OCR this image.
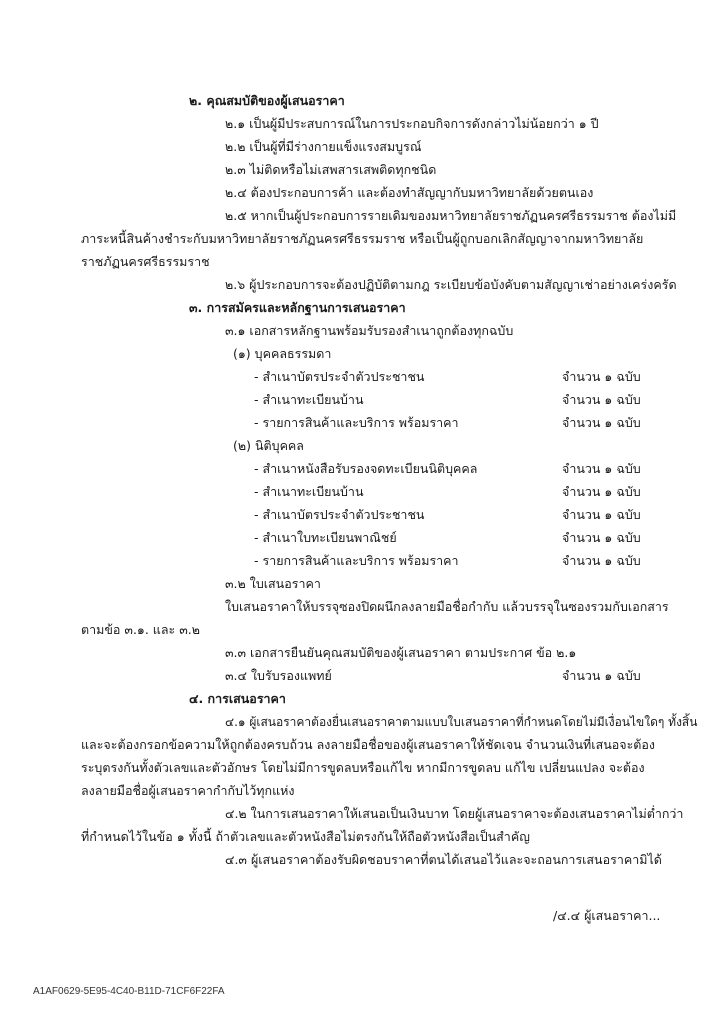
๒. คุณสมบัติของผู้เสนอราคา
๒.๑ เป็นผู้มีประสบการณ์ในการประกอบกิจการดังกล่าวไม่น้อยกว่า ๑ ปี
๒.๒ เป็นผู้ที่มีร่างกายแข็งแรงสมบูรณ์
๒.๓ ไม่ติดหรือไม่เสพสารเสพติดทุกชนิด
๒.๔ ต้องประกอบการค้า และต้องทำสัญญากับมหาวิทยาลัยด้วยตนเอง
๒.๕ หากเป็นผู้ประกอบการรายเดิมของมหาวิทยาลัยราชภัฏนครศรีธรรมราช ต้องไม่มี
ภาระหนี้สินค้างชำระกับมหาวิทยาลัยราชภัฏนครศรีธรรมราช หรือเป็นผู้ถูกบอกเลิกสัญญาจากมหาวิทยาลัย
ราชภัฏนครศรีธรรมราช
๒.๖ ผู้ประกอบการจะต้องปฏิบัติตามกฎ ระเบียบข้อบังคับตามสัญญาเช่าอย่างเคร่งครัด
๓. การสมัครและหลักฐานการเสนอราคา
๓.๑ เอกสารหลักฐานพร้อมรับรองสำเนาถูกต้องทุกฉบับ
(๑) บุคคลธรรมดา
- สำเนาบัตรประจำตัวประชาชน	จำนวน ๑ ฉบับ
- สำเนาทะเบียนบ้าน	จำนวน ๑ ฉบับ
- รายการสินค้าและบริการ พร้อมราคา	จำนวน ๑ ฉบับ
(๒) นิติบุคคล
- สำเนาหนังสือรับรองจดทะเบียนนิติบุคคล	จำนวน ๑ ฉบับ
- สำเนาทะเบียนบ้าน	จำนวน ๑ ฉบับ
- สำเนาบัตรประจำตัวประชาชน	จำนวน ๑ ฉบับ
- สำเนาใบทะเบียนพาณิชย์	จำนวน ๑ ฉบับ
- รายการสินค้าและบริการ พร้อมราคา	จำนวน ๑ ฉบับ
๓.๒ ใบเสนอราคา
ใบเสนอราคาให้บรรจุซองปิดผนึกลงลายมือชื่อกำกับ แล้วบรรจุในซองรวมกับเอกสาร
ตามข้อ ๓.๑. และ ๓.๒
๓.๓ เอกสารยืนยันคุณสมบัติของผู้เสนอราคา ตามประกาศ ข้อ ๒.๑
๓.๔ ใบรับรองแพทย์	จำนวน ๑ ฉบับ
๔. การเสนอราคา
๔.๑ ผู้เสนอราคาต้องยื่นเสนอราคาตามแบบใบเสนอราคาที่กำหนดโดยไม่มีเงื่อนไขใดๆ ทั้งสิ้น
และจะต้องกรอกข้อความให้ถูกต้องครบถ้วน ลงลายมือชื่อของผู้เสนอราคาให้ชัดเจน จำนวนเงินที่เสนอจะต้อง
ระบุตรงกันทั้งตัวเลขและตัวอักษร โดยไม่มีการขูดลบหรือแก้ไข หากมีการขูดลบ แก้ไข เปลี่ยนแปลง จะต้อง
ลงลายมือชื่อผู้เสนอราคากำกับไว้ทุกแห่ง
๔.๒ ในการเสนอราคาให้เสนอเป็นเงินบาท โดยผู้เสนอราคาจะต้องเสนอราคาไม่ต่ำกว่า
ที่กำหนดไว้ในข้อ ๑ ทั้งนี้ ถ้าตัวเลขและตัวหนังสือไม่ตรงกันให้ถือตัวหนังสือเป็นสำคัญ
๔.๓ ผู้เสนอราคาต้องรับผิดชอบราคาที่ตนได้เสนอไว้และจะถอนการเสนอราคามิได้
/๔.๔ ผู้เสนอราคา...
A1AF0629-5E95-4C40-B11D-71CF6F22FA
